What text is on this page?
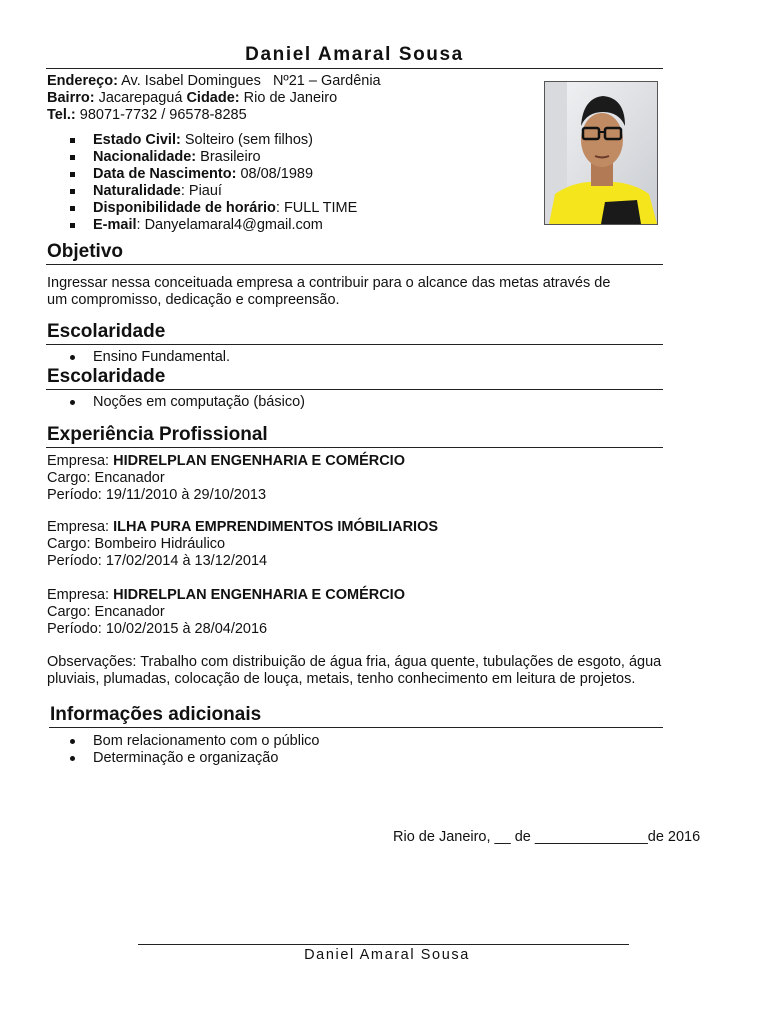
Daniel Amaral Sousa
Endereço: Av. Isabel Domingues   Nº21 – Gardênia
Bairro: Jacarepaguá Cidade: Rio de Janeiro
Tel.: 98071-7732 / 96578-8285
Estado Civil: Solteiro (sem filhos)
Nacionalidade: Brasileiro
Data de Nascimento: 08/08/1989
Naturalidade: Piauí
Disponibilidade de horário: FULL TIME
E-mail: Danyelamaral4@gmail.com
Objetivo
Ingressar nessa conceituada empresa a contribuir para o alcance das metas através de
um compromisso, dedicação e compreensão.
Escolaridade
Ensino Fundamental.
Escolaridade
Noções em computação (básico)
Experiência Profissional
Empresa: HIDRELPLAN ENGENHARIA E COMÉRCIO
Cargo: Encanador
Período: 19/11/2010 à 29/10/2013
Empresa: ILHA PURA EMPRENDIMENTOS IMÓBILIARIOS
Cargo: Bombeiro Hidráulico
Período: 17/02/2014 à 13/12/2014
Empresa: HIDRELPLAN ENGENHARIA E COMÉRCIO
Cargo: Encanador
Período: 10/02/2015 à 28/04/2016
Observações: Trabalho com distribuição de água fria, água quente, tubulações de esgoto, água
pluviais, plumadas, colocação de louça, metais, tenho conhecimento em leitura de projetos.
Informações adicionais
Bom relacionamento com o público
Determinação e organização
Rio de Janeiro, __ de ______________de 2016
Daniel Amaral Sousa
